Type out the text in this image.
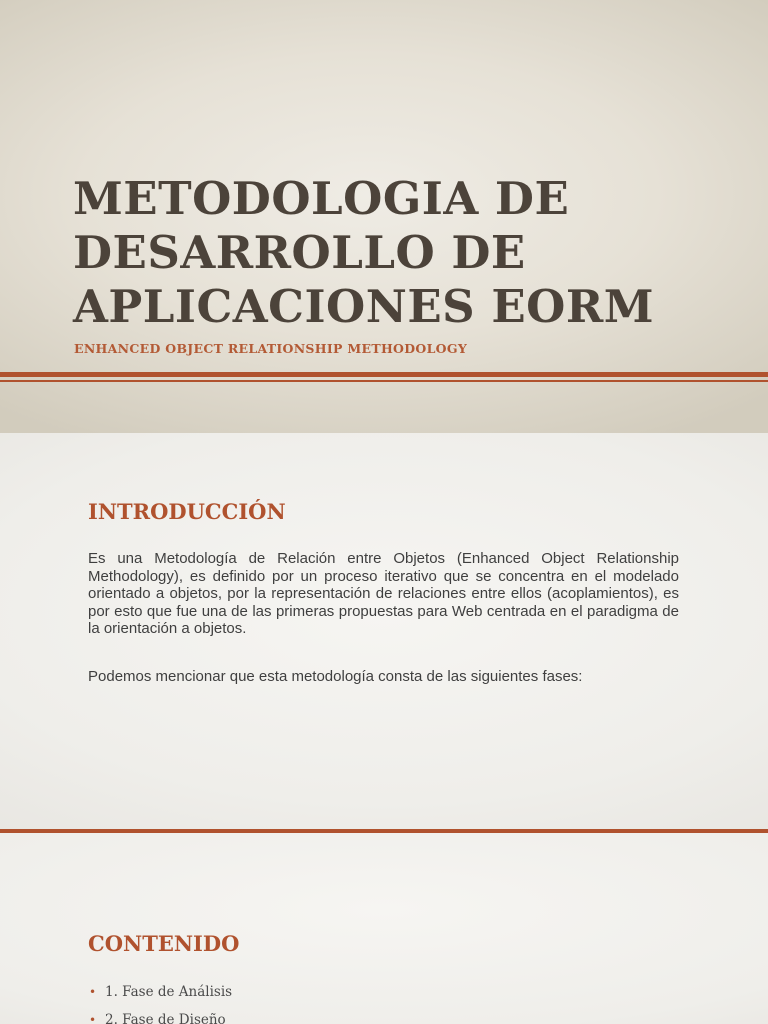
METODOLOGIA DE
DESARROLLO DE
APLICACIONES EORM

ENHANCED OBJECT RELATIONSHIP METHODOLOGY

INTRODUCCIÓN

Es una Metodología de Relación entre Objetos (Enhanced Object Relationship Methodology), es definido por un proceso iterativo que se concentra en el modelado orientado a objetos, por la representación de relaciones entre ellos (acoplamientos), es por esto que fue una de las primeras propuestas para Web centrada en el paradigma de la orientación a objetos.

Podemos mencionar que esta metodología consta de las siguientes fases:

CONTENIDO
• 1. Fase de Análisis
• 2. Fase de Diseño
